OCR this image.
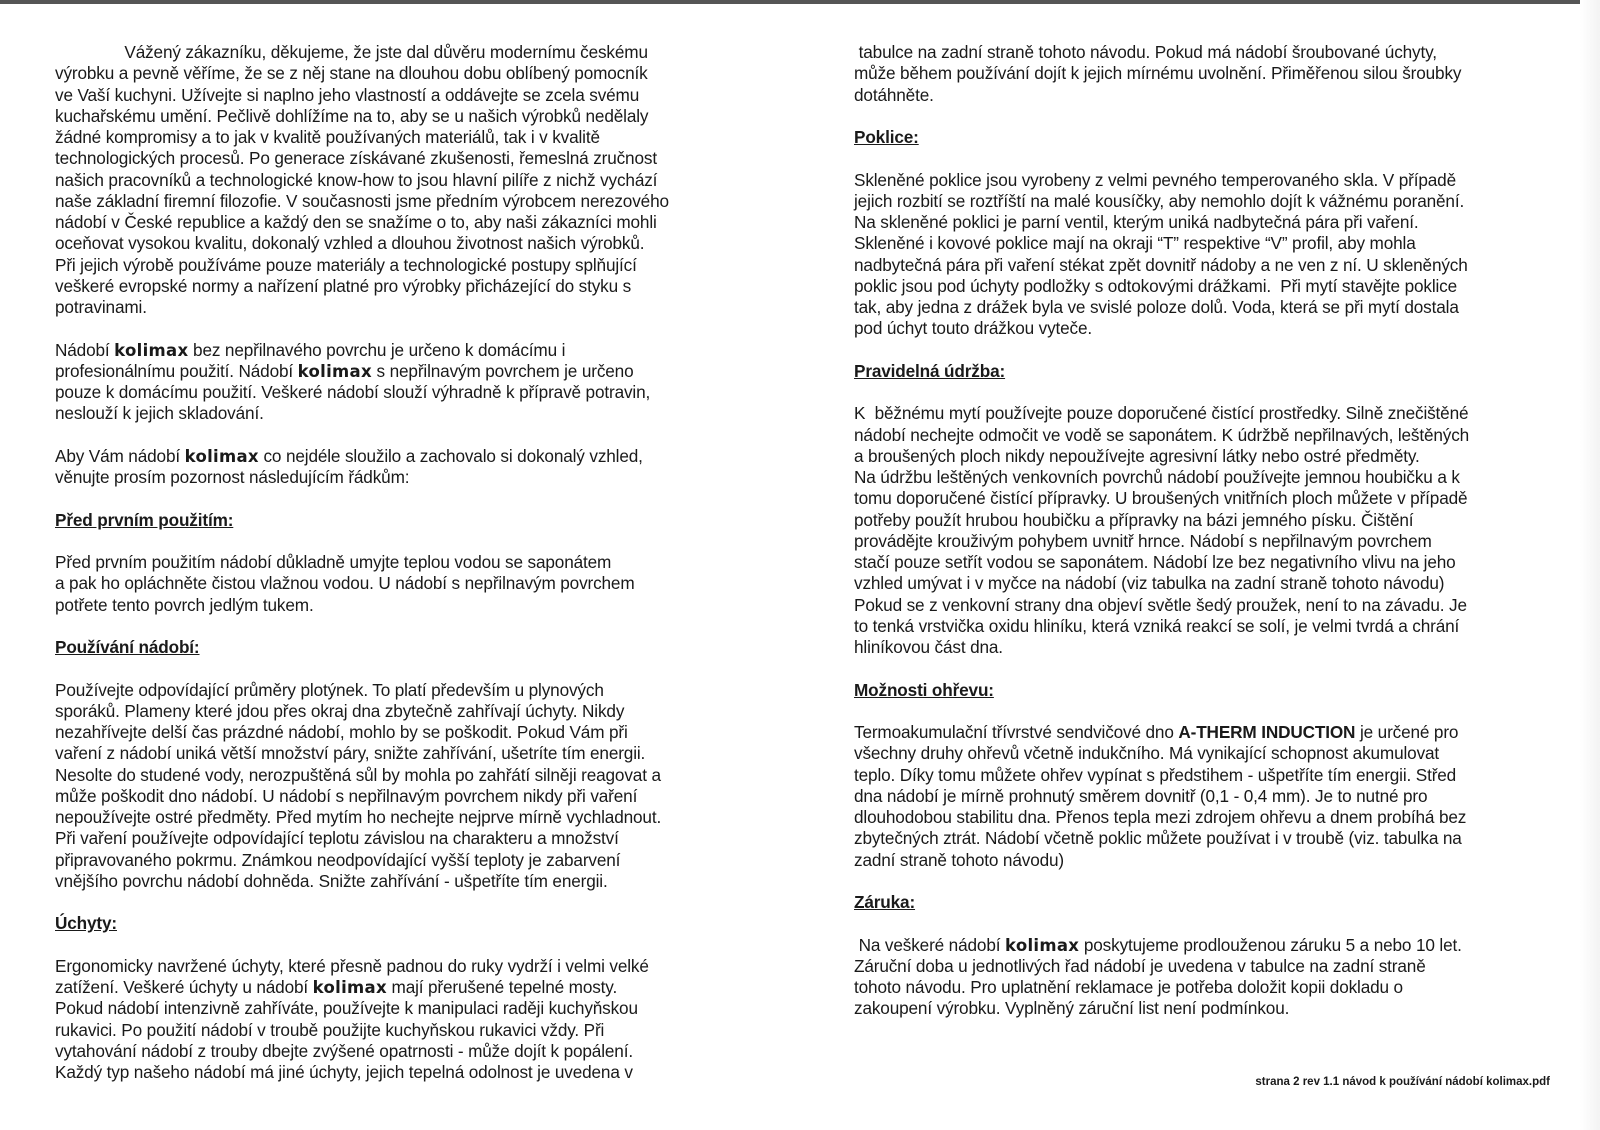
Vážený zákazníku, děkujeme, že jste dal důvěru modernímu českému
výrobku a pevně věříme, že se z něj stane na dlouhou dobu oblíbený pomocník
ve Vaší kuchyni. Užívejte si naplno jeho vlastností a oddávejte se zcela svému
kuchařskému umění. Pečlivě dohlížíme na to, aby se u našich výrobků nedělaly
žádné kompromisy a to jak v kvalitě používaných materiálů, tak i v kvalitě
technologických procesů. Po generace získávané zkušenosti, řemeslná zručnost
našich pracovníků a technologické know-how to jsou hlavní pilíře z nichž vychází
naše základní firemní filozofie. V současnosti jsme předním výrobcem nerezového
nádobí v České republice a každý den se snažíme o to, aby naši zákazníci mohli
oceňovat vysokou kvalitu, dokonalý vzhled a dlouhou životnost našich výrobků.
Při jejich výrobě používáme pouze materiály a technologické postupy splňující
veškeré evropské normy a nařízení platné pro výrobky přicházející do styku s
potravinami.
Nádobí kolimax bez nepřilnavého povrchu je určeno k domácímu i
profesionálnímu použití. Nádobí kolimax s nepřilnavým povrchem je určeno
pouze k domácímu použití. Veškeré nádobí slouží výhradně k přípravě potravin,
neslouží k jejich skladování.
Aby Vám nádobí kolimax co nejdéle sloužilo a zachovalo si dokonalý vzhled,
věnujte prosím pozornost následujícím řádkům:
Před prvním použitím:
Před prvním použitím nádobí důkladně umyjte teplou vodou se saponátem
a pak ho opláchněte čistou vlažnou vodou. U nádobí s nepřilnavým povrchem
potřete tento povrch jedlým tukem.
Používání nádobí:
Používejte odpovídající průměry plotýnek. To platí především u plynových
sporáků. Plameny které jdou přes okraj dna zbytečně zahřívají úchyty. Nikdy
nezahřívejte delší čas prázdné nádobí, mohlo by se poškodit. Pokud Vám při
vaření z nádobí uniká větší množství páry, snižte zahřívání, ušetríte tím energii.
Nesolte do studené vody, nerozpuštěná sůl by mohla po zahřátí silněji reagovat a
může poškodit dno nádobí. U nádobí s nepřilnavým povrchem nikdy při vaření
nepoužívejte ostré předměty. Před mytím ho nechejte nejprve mírně vychladnout.
Při vaření používejte odpovídající teplotu závislou na charakteru a množství
připravovaného pokrmu. Známkou neodpovídající vyšší teploty je zabarvení
vnějšího povrchu nádobí dohněda. Snižte zahřívání - ušpetříte tím energii.
Úchyty:
Ergonomicky navržené úchyty, které přesně padnou do ruky vydrží i velmi velké
zatížení. Veškeré úchyty u nádobí kolimax mají přerušené tepelné mosty.
Pokud nádobí intenzivně zahříváte, používejte k manipulaci raději kuchyňskou
rukavici. Po použití nádobí v troubě použijte kuchyňskou rukavici vždy. Při
vytahování nádobí z trouby dbejte zvýšené opatrnosti - může dojít k popálení.
Každý typ našeho nádobí má jiné úchyty, jejich tepelná odolnost je uvedena v
tabulce na zadní straně tohoto návodu. Pokud má nádobí šroubované úchyty,
může během používání dojít k jejich mírnému uvolnění. Přiměřenou silou šroubky
dotáhněte.
Poklice:
Skleněné poklice jsou vyrobeny z velmi pevného temperovaného skla. V případě
jejich rozbití se roztříští na malé kousíčky, aby nemohlo dojít k vážnému poranění.
Na skleněné poklici je parní ventil, kterým uniká nadbytečná pára při vaření.
Skleněné i kovové poklice mají na okraji “T” respektive “V” profil, aby mohla
nadbytečná pára při vaření stékat zpět dovnitř nádoby a ne ven z ní. U skleněných
poklic jsou pod úchyty podložky s odtokovými drážkami.  Při mytí stavějte poklice
tak, aby jedna z drážek byla ve svislé poloze dolů. Voda, která se při mytí dostala
pod úchyt touto drážkou vyteče.
Pravidelná údržba:
K  běžnému mytí používejte pouze doporučené čistící prostředky. Silně znečištěné
nádobí nechejte odmočit ve vodě se saponátem. K údržbě nepřilnavých, leštěných
a broušených ploch nikdy nepoužívejte agresivní látky nebo ostré předměty.
Na údržbu leštěných venkovních povrchů nádobí používejte jemnou houbičku a k
tomu doporučené čistící přípravky. U broušených vnitřních ploch můžete v případě
potřeby použít hrubou houbičku a přípravky na bázi jemného písku. Čištění
provádějte krouživým pohybem uvnitř hrnce. Nádobí s nepřilnavým povrchem
stačí pouze setřít vodou se saponátem. Nádobí lze bez negativního vlivu na jeho
vzhled umývat i v myčce na nádobí (viz tabulka na zadní straně tohoto návodu)
Pokud se z venkovní strany dna objeví světle šedý proužek, není to na závadu. Je
to tenká vrstvička oxidu hliníku, která vzniká reakcí se solí, je velmi tvrdá a chrání
hliníkovou část dna.
Možnosti ohřevu:
Termoakumulační třívrstvé sendvičové dno A-THERM INDUCTION je určené pro
všechny druhy ohřevů včetně indukčního. Má vynikající schopnost akumulovat
teplo. Díky tomu můžete ohřev vypínat s předstihem - ušpetříte tím energii. Střed
dna nádobí je mírně prohnutý směrem dovnitř (0,1 - 0,4 mm). Je to nutné pro
dlouhodobou stabilitu dna. Přenos tepla mezi zdrojem ohřevu a dnem probíhá bez
zbytečných ztrát. Nádobí včetně poklic můžete používat i v troubě (viz. tabulka na
zadní straně tohoto návodu)
Záruka:
Na veškeré nádobí kolimax poskytujeme prodlouženou záruku 5 a nebo 10 let.
Záruční doba u jednotlivých řad nádobí je uvedena v tabulce na zadní straně
tohoto návodu. Pro uplatnění reklamace je potřeba doložit kopii dokladu o
zakoupení výrobku. Vyplněný záruční list není podmínkou.
strana 2 rev 1.1 návod k používání nádobí kolimax.pdf
